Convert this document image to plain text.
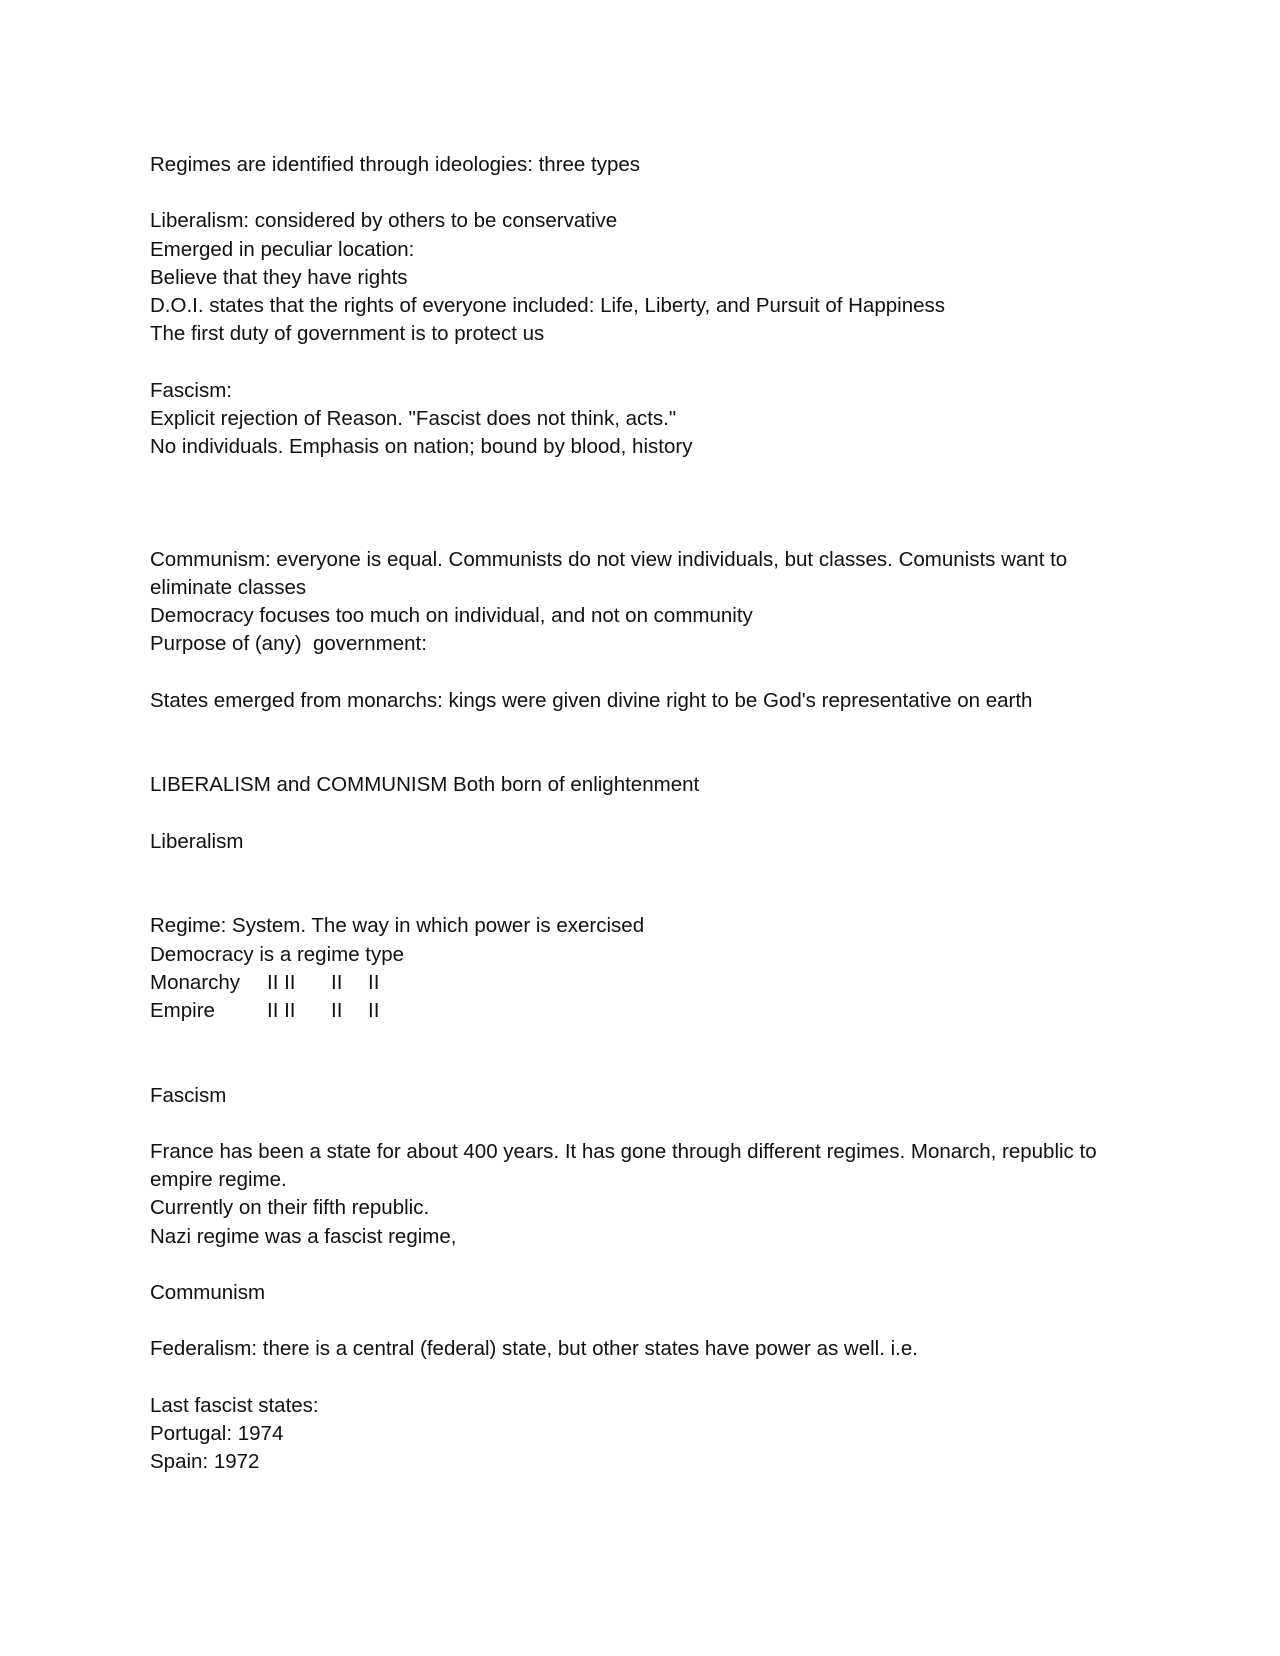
Regimes are identified through ideologies: three types
Liberalism: considered by others to be conservative
Emerged in peculiar location:
Believe that they have rights
D.O.I. states that the rights of everyone included: Life, Liberty, and Pursuit of Happiness
The first duty of government is to protect us
Fascism:
Explicit rejection of Reason. "Fascist does not think, acts."
No individuals. Emphasis on nation; bound by blood, history
Communism: everyone is equal. Communists do not view individuals, but classes. Comunists want to eliminate classes
Democracy focuses too much on individual, and not on community
Purpose of (any)  government:
States emerged from monarchs: kings were given divine right to be God's representative on earth
LIBERALISM and COMMUNISM Both born of enlightenment
Liberalism
Regime: System. The way in which power is exercised
Democracy is a regime type
Monarchy	II II	II	II
Empire	II II	II	II
Fascism
France has been a state for about 400 years. It has gone through different regimes. Monarch, republic to empire regime.
Currently on their fifth republic.
Nazi regime was a fascist regime,
Communism
Federalism: there is a central (federal) state, but other states have power as well. i.e.
Last fascist states:
Portugal: 1974
Spain: 1972
